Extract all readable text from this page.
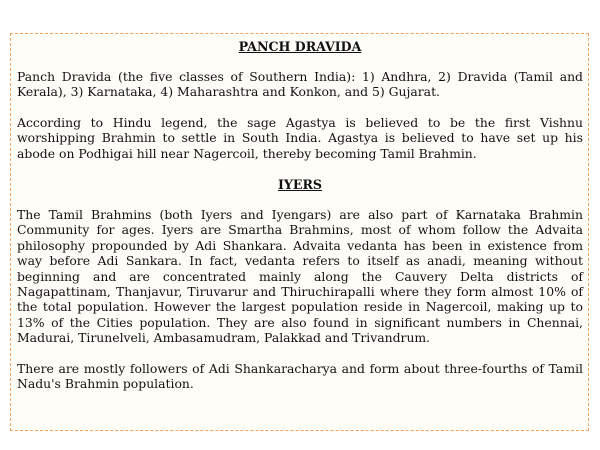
PANCH DRAVIDA

Panch Dravida (the five classes of Southern India): 1) Andhra, 2) Dravida (Tamil and Kerala), 3) Karnataka, 4) Maharashtra and Konkon, and 5) Gujarat.

According to Hindu legend, the sage Agastya is believed to be the first Vishnu worshipping Brahmin to settle in South India. Agastya is believed to have set up his abode on Podhigai hill near Nagercoil, thereby becoming Tamil Brahmin.

IYERS

The Tamil Brahmins (both Iyers and Iyengars) are also part of Karnataka Brahmin Community for ages. Iyers are Smartha Brahmins, most of whom follow the Advaita philosophy propounded by Adi Shankara. Advaita vedanta has been in existence from way before Adi Sankara. In fact, vedanta refers to itself as anadi, meaning without beginning and are concentrated mainly along the Cauvery Delta districts of Nagapattinam, Thanjavur, Tiruvarur and Thiruchirapalli where they form almost 10% of the total population. However the largest population reside in Nagercoil, making up to 13% of the Cities population. They are also found in significant numbers in Chennai, Madurai, Tirunelveli, Ambasamudram, Palakkad and Trivandrum.

There are mostly followers of Adi Shankaracharya and form about three-fourths of Tamil Nadu's Brahmin population.
